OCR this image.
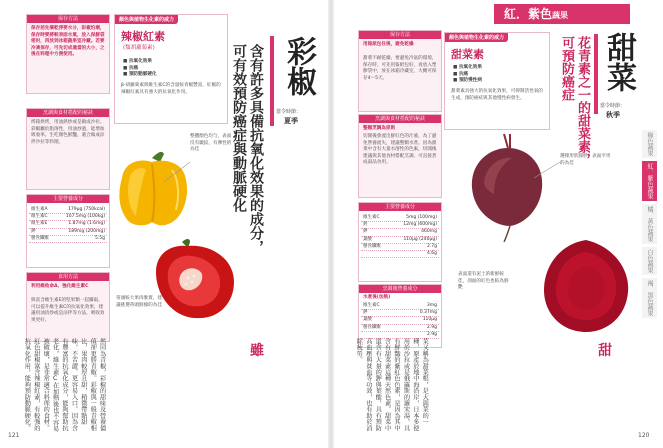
保存方法
保存前先摘乾淨要水分，彩椒怕潮，保存時要將較表面水氣，放入保鮮袋密封，再放到冰箱蔬果室冷藏。若要冷凍保存，可先切成適當的大小，之後在料理中方便使用。
烹調與食材搭配的秘訣
烤箱烘烤，用油熱炒或是做成沙拉。彩椒屬於脂溶性，用油炒過，能增加吸收率。生吃顏色鮮豔，適合做成涼拌沙拉等料理。
主要營養成分
維生素A	179µg (750kcal)
維生素C	107.5mg (100kg)
維生素E	1.87mg (1.6mg)
鉀	189mg (200mg)
膳食纖維	5.5g
食用方法
利用維他命A、強化維生素C
與富含維生素E的堅果類一起攝取，可以提升維生素C的抗氧化效果，建議用油清炒或是涼拌等方法，吸收效果更好。
顏色與植物生化素的威力
辣椒紅素
(類胡蘿蔔素)
■ 抗氧化效果
■ 抗癌
■ 預防動脈硬化
β-胡蘿蔔素與維生素C的含量較青椒豐富，紅椒的辣椒紅素具有強大的抗氧化作用。
整體顏色均勻，表面沒有皺紋，有彈性的為佳
蒂頭較大果肉紮實，建議挑選蒂頭鮮綠的為佳
含有許多具備抗氧化效果的成分，可有效預防癌症與動脈硬化	彩椒
當令時節：
夏季
然同為青椒，彩椒的甜味及營養價值卻更勝青椒。彩椒與一般青椒相比，果肉較厚且甜，稍微帶點甜味，不苦澀、更容易入口。因為含有豐富的抗氧化成分，能夠幫助抗老化，維生素C在加熱後也不容易被破壞，是非常適合料理的食材。紅色甜椒富含辣椒紅素，有較強的抗氧化作用，能夠預防動脈硬化。	雖
121
紅．紫色蔬果
綠色蔬果
紅．紫色蔬果
橘．黃色蔬果
白色蔬果
褐．黑色蔬果
保存方法
用報紙包住後，避免乾燥
甜菜不耐乾燥，要避免冷氣的環境，保存時，可先用報紙包好，再放入塑膠袋中，放在冰箱冷藏室，大概可保存4～5天。
烹調與食材搭配的秘訣
整顆烹調為原則
切開後會流出鮮紅色的汁液，為了避免營養流失，建議整顆水煮。因為甜菜中含有大量水溶性的色素，切開後建議與其他食材搭配烹調，可直接煮成湯品食用。
主要營養成分
維生素C	5mg (100mg)
鈣	12mg (600mg)
鉀	460mg
葉酸	110µg (240µg)
膳食纖維	2.7g
4.6g
烹調後營養成分
水煮後(加熱)
維生素C	3mg
鉀	0.37mg
葉酸	110µg
膳食纖維	2.9g
2.9g
顏色與植物生化素的威力
甜菜素
■ 抗氧化效果
■ 抗癌
■ 預防慢性病
甜菜素具強大的抗氧化效果，可抑制活性氧的生成，預防癌症與其他慢性病發生。
選擇形狀圓胖，表面平坦的為佳
表面還有泥土的新鮮較佳，剖面的紅色也較為鮮艷
花青素之一的甜菜素，可預防癌症 甜菜
當令時節：
秋季
菜又稱為甜菜根，是大頭菜的一種，原產於地中海沿岸，日本多使用於沙拉或是俄羅斯的羅宋湯，具有鮮豔的紫紅色色素，是因為其中含有甜菜素這種天然色素。甜菜中還含有大量的鉀與葉酸，具有預防高血壓與貧血等功效，也有助於消除疲勞。	甜
120
